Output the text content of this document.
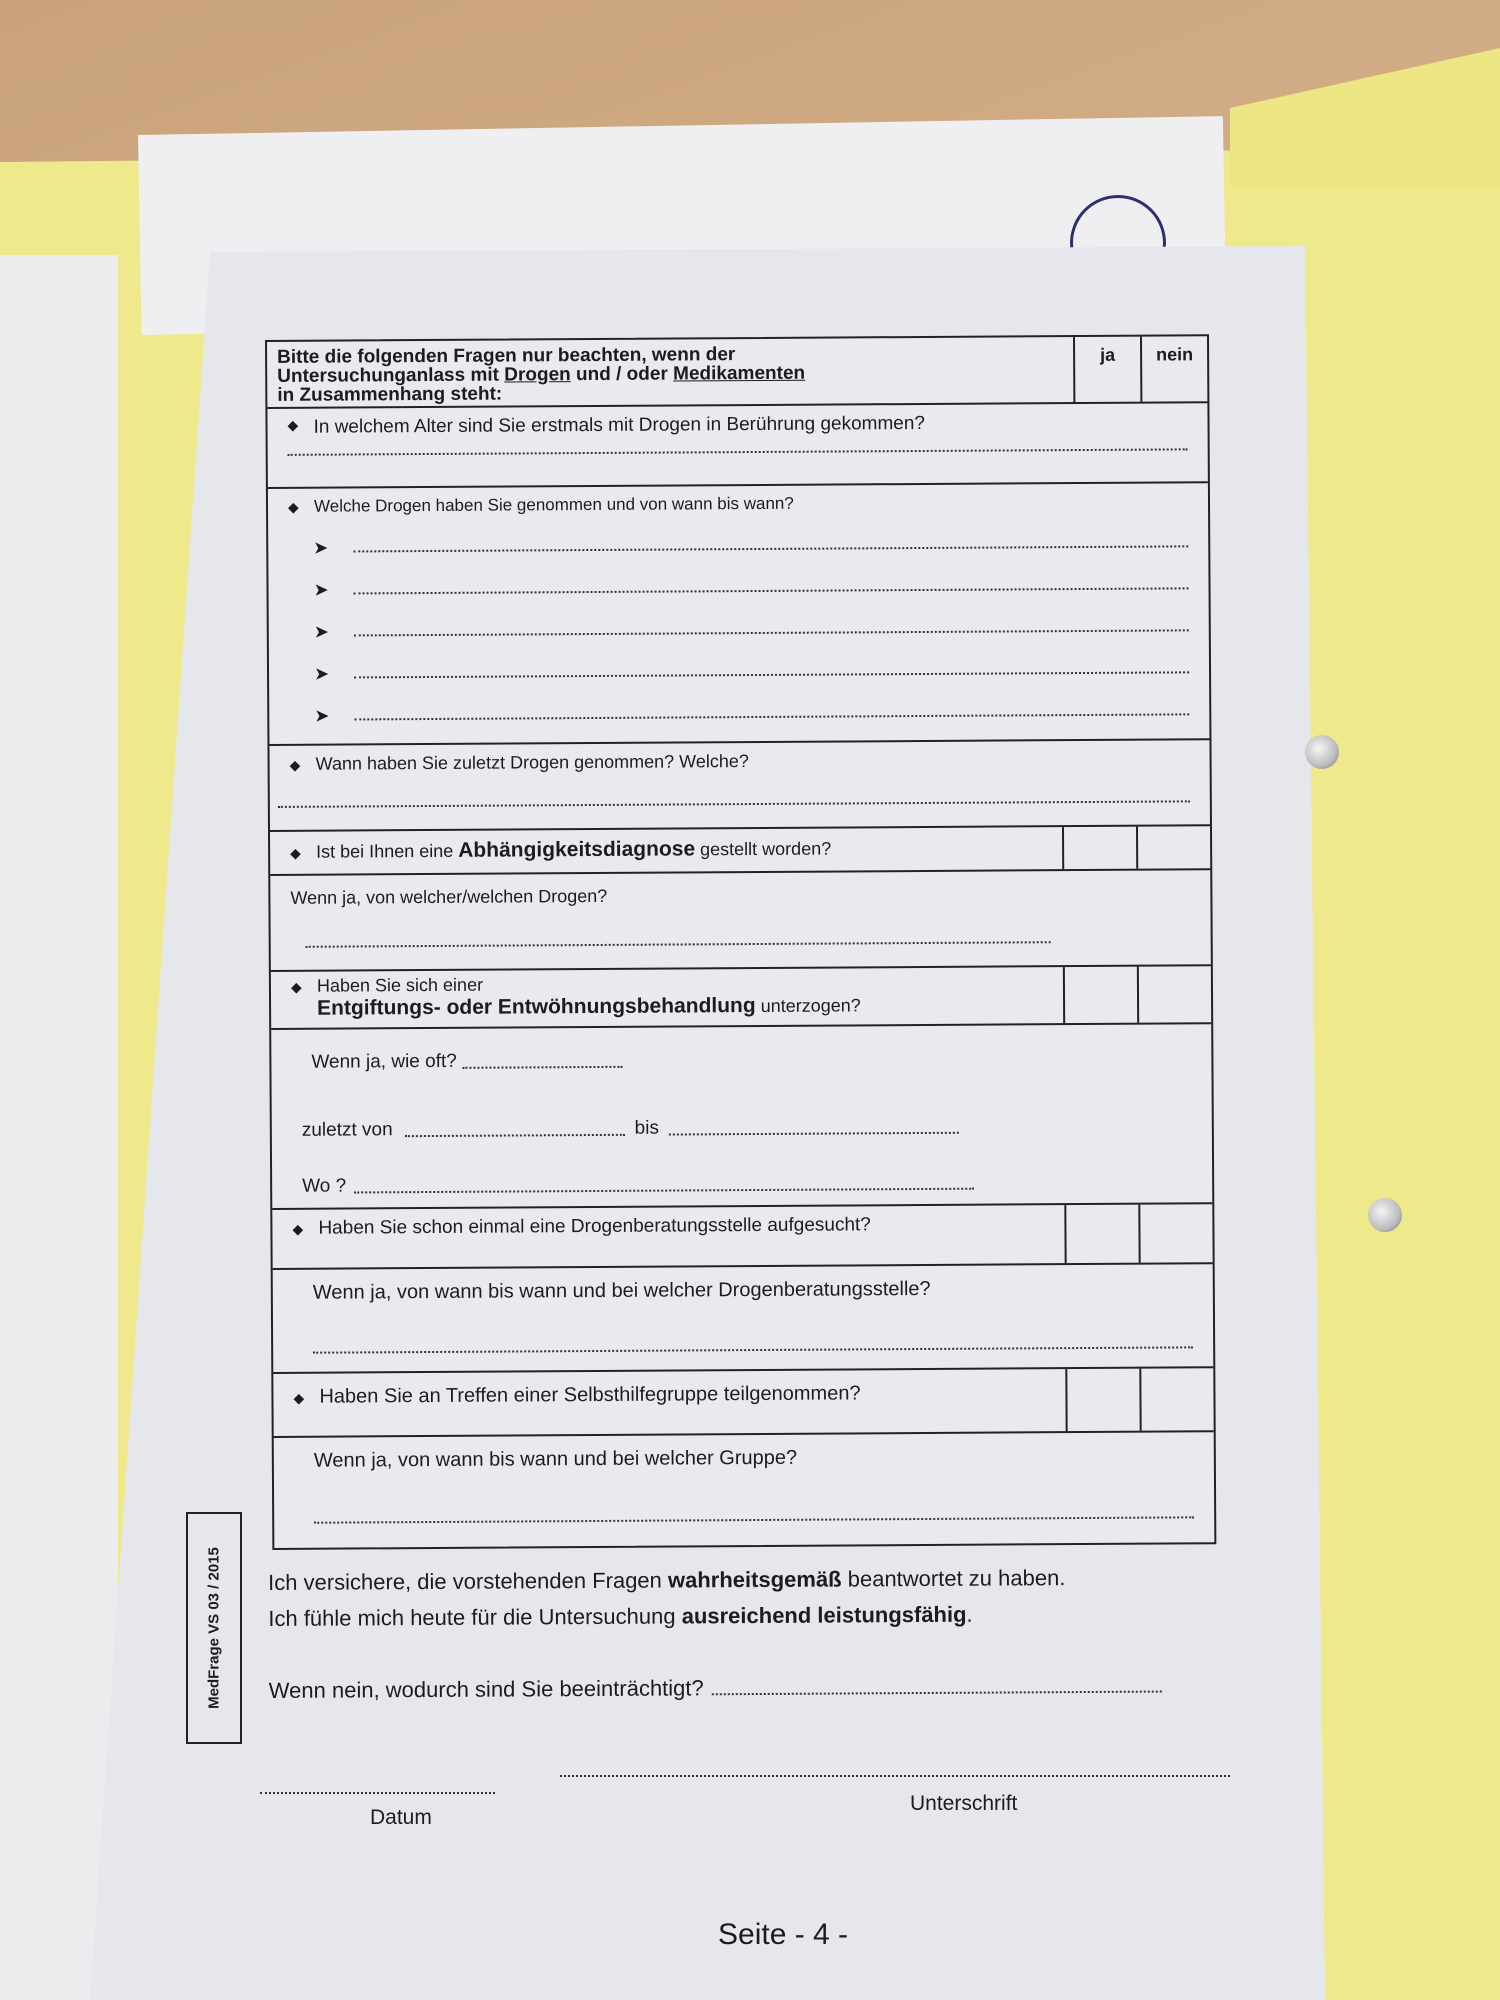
Bitte die folgenden Fragen nur beachten, wenn der
Untersuchunganlass mit Drogen und / oder Medikamenten
in Zusammenhang steht:
ja	nein
◆ In welchem Alter sind Sie erstmals mit Drogen in Berührung gekommen?
◆ Welche Drogen haben Sie genommen und von wann bis wann?
➤
➤
➤
➤
➤
◆ Wann haben Sie zuletzt Drogen genommen? Welche?
◆ Ist bei Ihnen eine Abhängigkeitsdiagnose gestellt worden?
Wenn ja, von welcher/welchen Drogen?
◆ Haben Sie sich einer
Entgiftungs- oder Entwöhnungsbehandlung unterzogen?
Wenn ja, wie oft?
zuletzt von	bis
Wo ?
◆ Haben Sie schon einmal eine Drogenberatungsstelle aufgesucht?
Wenn ja, von wann bis wann und bei welcher Drogenberatungsstelle?
◆ Haben Sie an Treffen einer Selbsthilfegruppe teilgenommen?
Wenn ja, von wann bis wann und bei welcher Gruppe?

Ich versichere, die vorstehenden Fragen wahrheitsgemäß beantwortet zu haben.

Ich fühle mich heute für die Untersuchung ausreichend leistungsfähig.

Wenn nein, wodurch sind Sie beeinträchtigt?
Datum
Unterschrift
Seite - 4 -
MedFrage VS 03 / 2015
